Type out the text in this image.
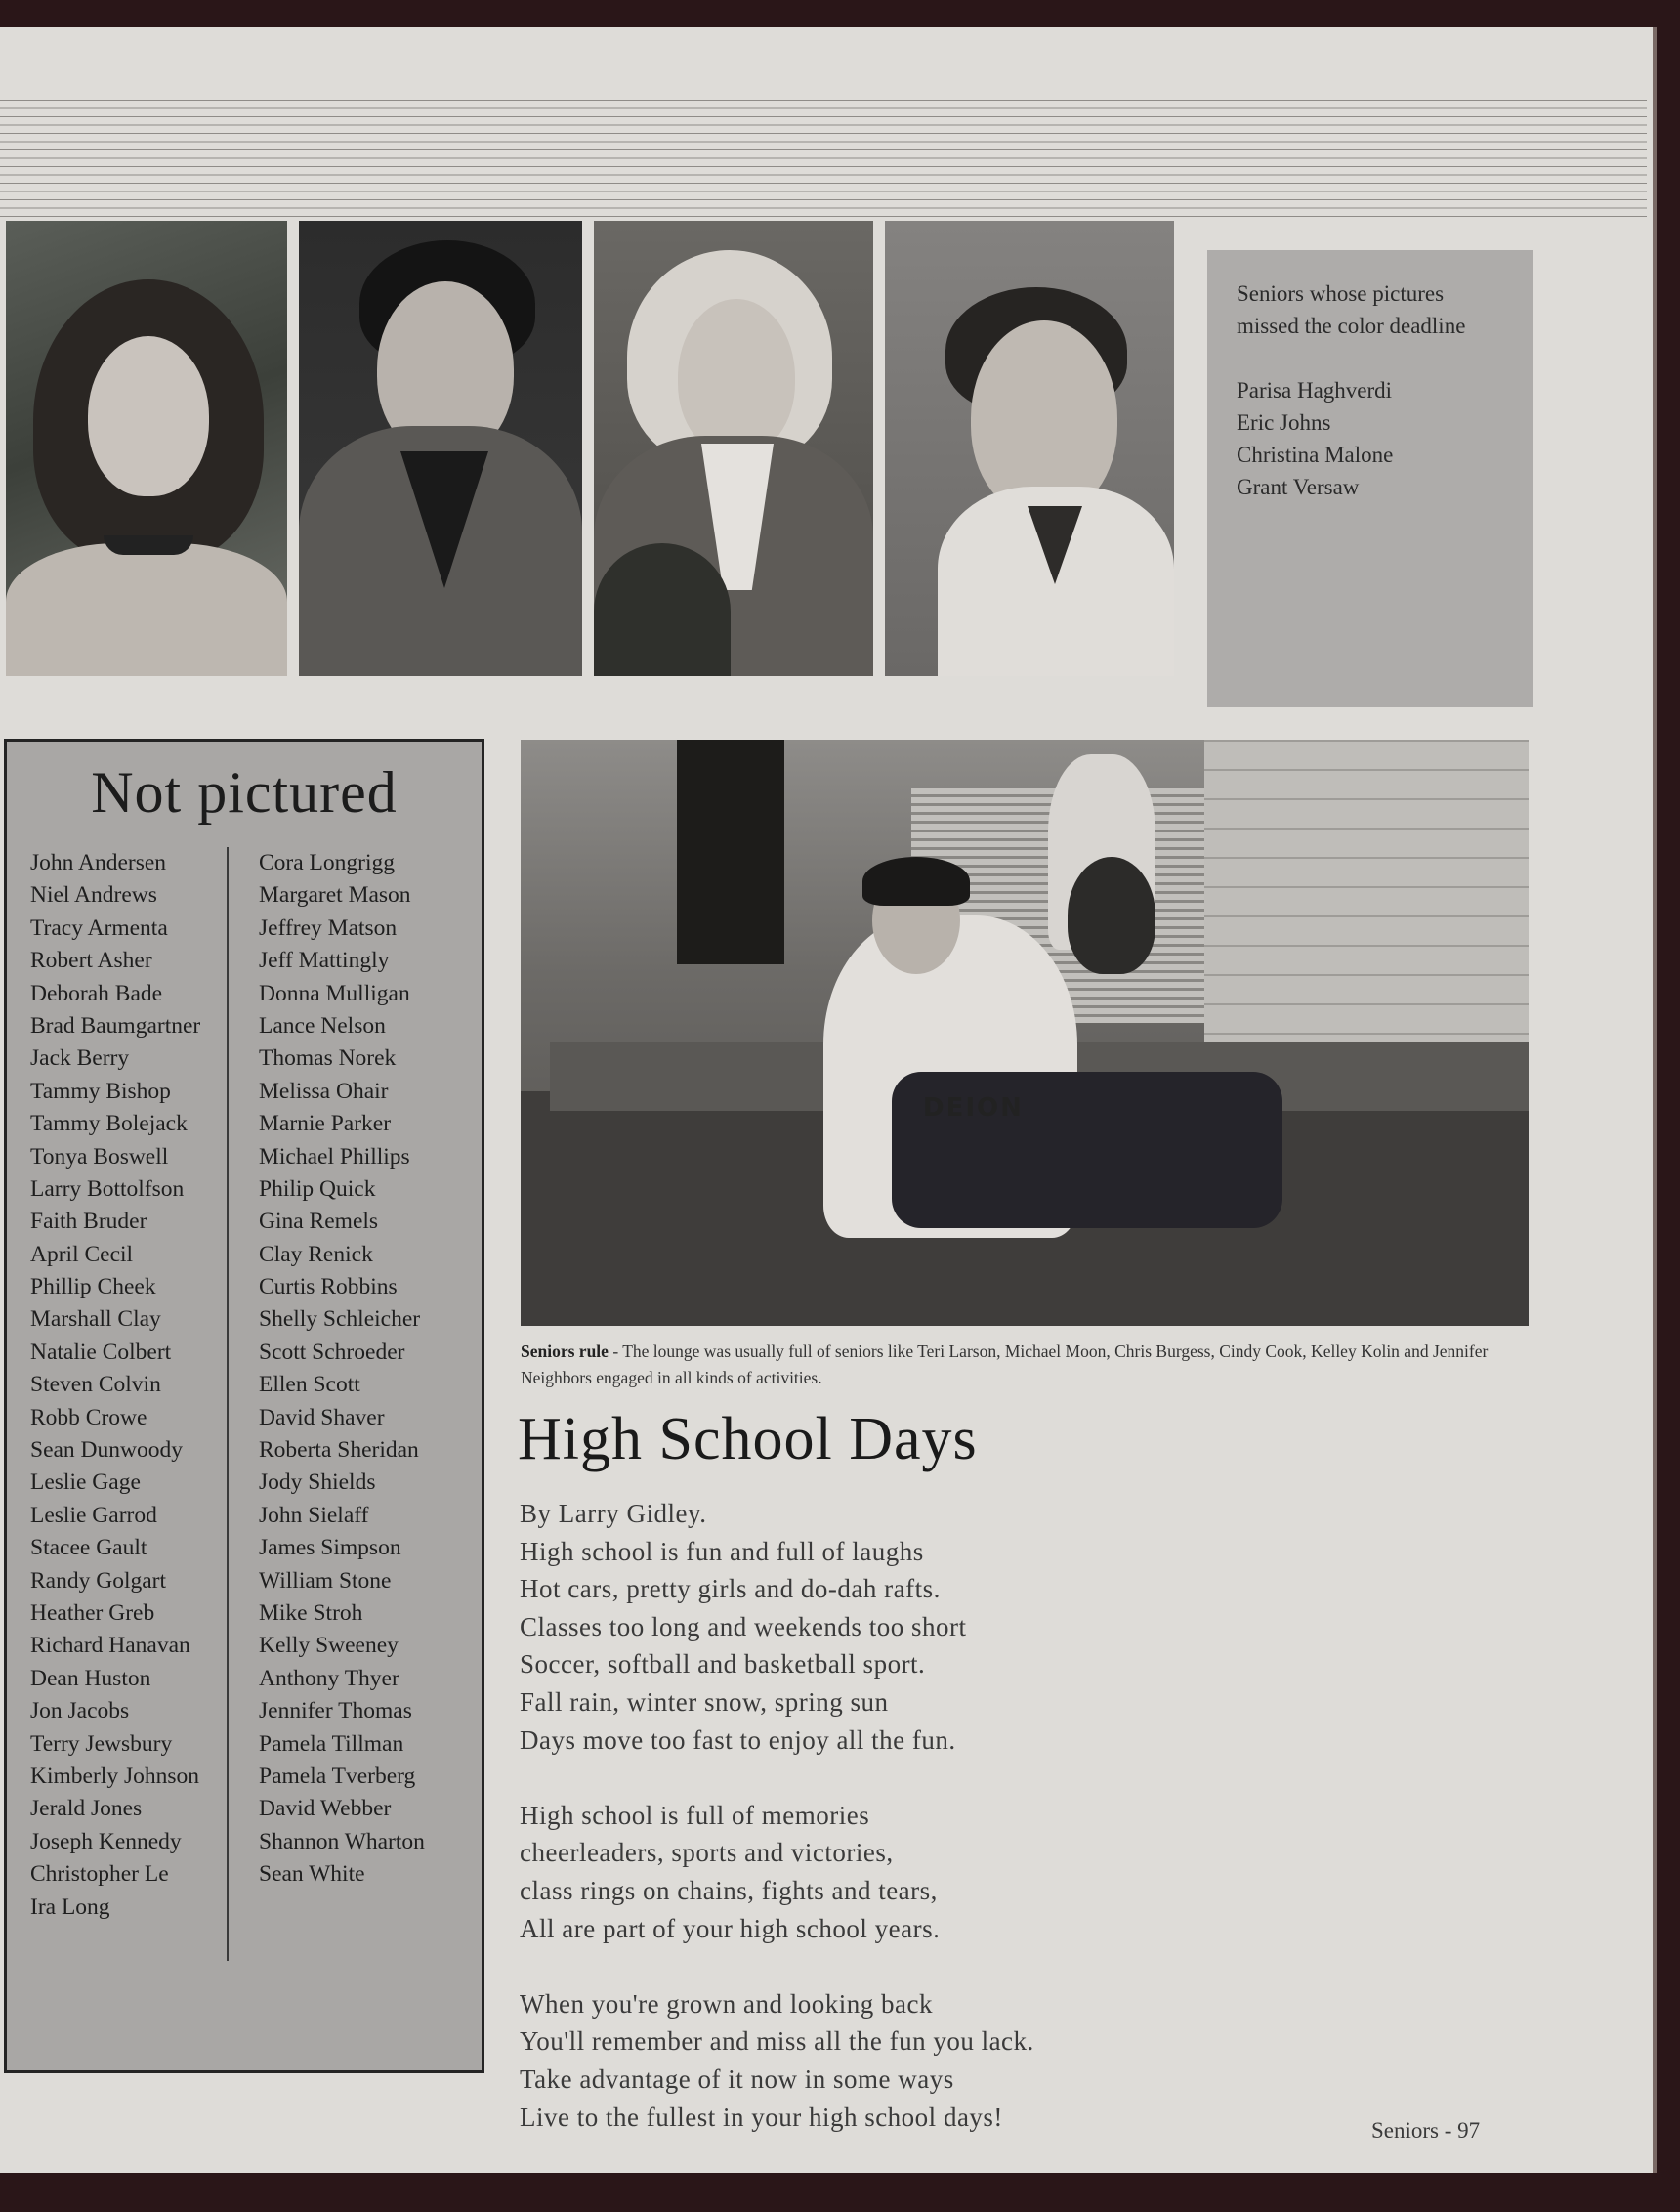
Seniors whose pictures missed the color deadline
Parisa Haghverdi
Eric Johns
Christina Malone
Grant Versaw
Not pictured
John Andersen
Niel Andrews
Tracy Armenta
Robert Asher
Deborah Bade
Brad Baumgartner
Jack Berry
Tammy Bishop
Tammy Bolejack
Tonya Boswell
Larry Bottolfson
Faith Bruder
April Cecil
Phillip Cheek
Marshall Clay
Natalie Colbert
Steven Colvin
Robb Crowe
Sean Dunwoody
Leslie Gage
Leslie Garrod
Stacee Gault
Randy Golgart
Heather Greb
Richard Hanavan
Dean Huston
Jon Jacobs
Terry Jewsbury
Kimberly Johnson
Jerald Jones
Joseph Kennedy
Christopher Le
Ira Long
Cora Longrigg
Margaret Mason
Jeffrey Matson
Jeff Mattingly
Donna Mulligan
Lance Nelson
Thomas Norek
Melissa Ohair
Marnie Parker
Michael Phillips
Philip Quick
Gina Remels
Clay Renick
Curtis Robbins
Shelly Schleicher
Scott Schroeder
Ellen Scott
David Shaver
Roberta Sheridan
Jody Shields
John Sielaff
James Simpson
William Stone
Mike Stroh
Kelly Sweeney
Anthony Thyer
Jennifer Thomas
Pamela Tillman
Pamela Tverberg
David Webber
Shannon Wharton
Sean White
DEION
Seniors rule - The lounge was usually full of seniors like Teri Larson, Michael Moon, Chris Burgess, Cindy Cook, Kelley Kolin and Jennifer Neighbors engaged in all kinds of activities.
High School Days
By Larry Gidley.
High school is fun and full of laughs
Hot cars, pretty girls and do-dah rafts.
Classes too long and weekends too short
Soccer, softball and basketball sport.
Fall rain, winter snow, spring sun
Days move too fast to enjoy all the fun.
High school is full of memories
cheerleaders, sports and victories,
class rings on chains, fights and tears,
All are part of your high school years.
When you're grown and looking back
You'll remember and miss all the fun you lack.
Take advantage of it now in some ways
Live to the fullest in your high school days!	Seniors - 97
